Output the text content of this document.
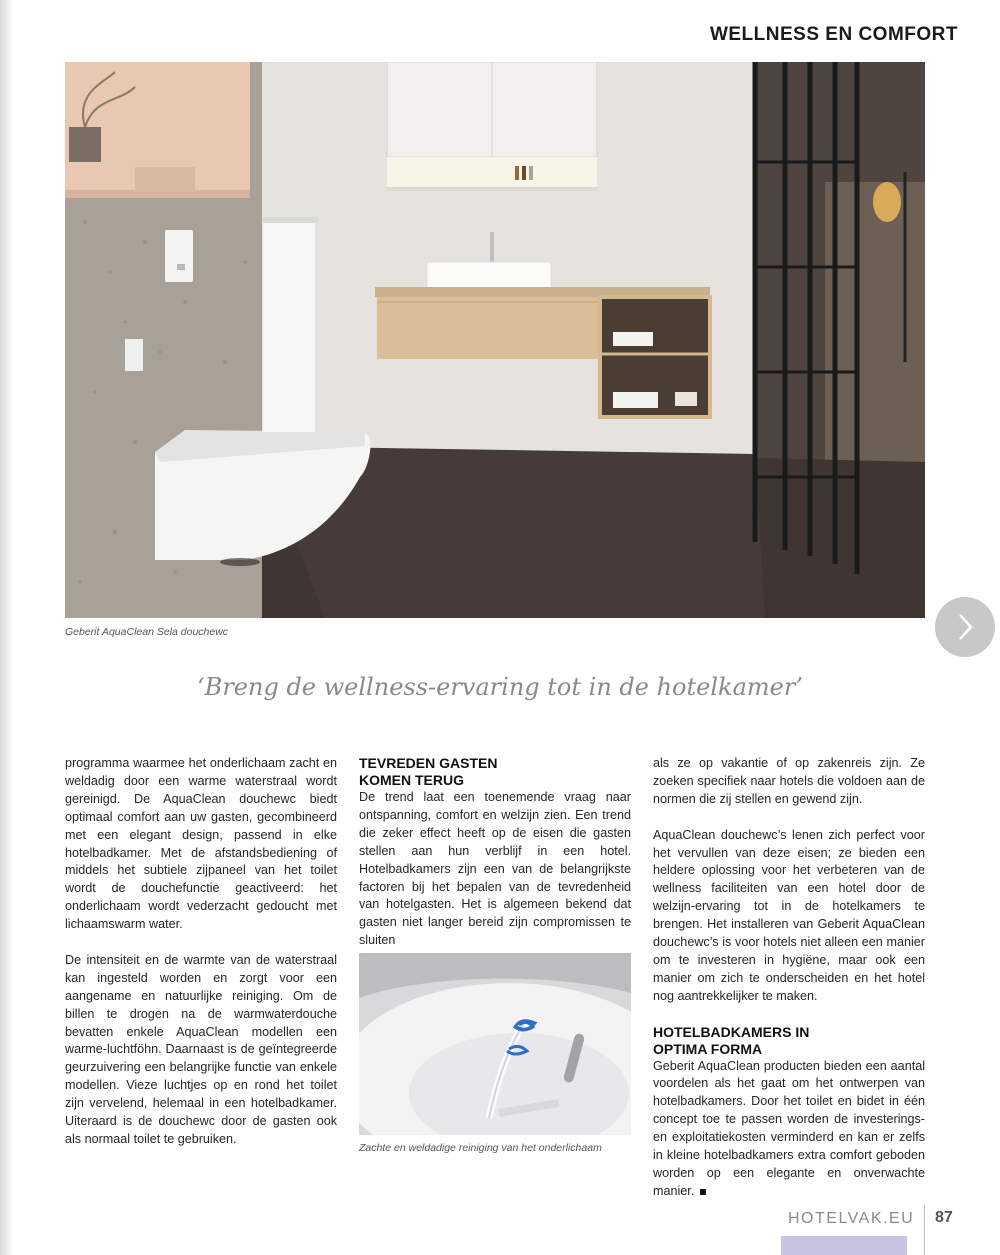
WELLNESS EN COMFORT
Geberit AquaClean Sela douchewc
‘Breng de wellness-ervaring tot in de hotelkamer’

programma waarmee het onderlichaam zacht en weldadig door een warme waterstraal wordt gereinigd. De AquaClean douchewc biedt optimaal comfort aan uw gasten, gecombineerd met een elegant design, passend in elke hotelbadkamer. Met de afstandsbediening of middels het subtiele zijpaneel van het toilet wordt de douchefunctie geactiveerd: het onderlichaam wordt vederzacht gedoucht met lichaamswarm water.

De intensiteit en de warmte van de waterstraal kan ingesteld worden en zorgt voor een aangename en natuurlijke reiniging. Om de billen te drogen na de warmwaterdouche bevatten enkele AquaClean modellen een warme-luchtföhn. Daarnaast is de geïntegreerde geurzuivering een belangrijke functie van enkele modellen. Vieze luchtjes op en rond het toilet zijn vervelend, helemaal in een hotelbadkamer. Uiteraard is de douchewc door de gasten ook als normaal toilet te gebruiken.

TEVREDEN GASTEN
KOMEN TERUG

De trend laat een toenemende vraag naar ontspanning, comfort en welzijn zien. Een trend die zeker effect heeft op de eisen die gasten stellen aan hun verblijf in een hotel. Hotelbadkamers zijn een van de belangrijkste factoren bij het bepalen van de tevredenheid van hotelgasten. Het is algemeen bekend dat gasten niet langer bereid zijn compromissen te sluiten

Zachte en weldadige reiniging van het onderlichaam

als ze op vakantie of op zakenreis zijn. Ze zoeken specifiek naar hotels die voldoen aan de normen die zij stellen en gewend zijn.

AquaClean douchewc’s lenen zich perfect voor het vervullen van deze eisen; ze bieden een heldere oplossing voor het verbeteren van de wellness faciliteiten van een hotel door de welzijn-ervaring tot in de hotelkamers te brengen. Het installeren van Geberit AquaClean douchewc’s is voor hotels niet alleen een manier om te investeren in hygiëne, maar ook een manier om zich te onderscheiden en het hotel nog aantrekkelijker te maken.

HOTELBADKAMERS IN
OPTIMA FORMA

Geberit AquaClean producten bieden een aantal voordelen als het gaat om het ontwerpen van hotelbadkamers. Door het toilet en bidet in één concept toe te passen worden de investerings- en exploitatiekosten verminderd en kan er zelfs in kleine hotelbadkamers extra comfort geboden worden op een elegante en onverwachte manier.

HOTELVAK.EU 87
